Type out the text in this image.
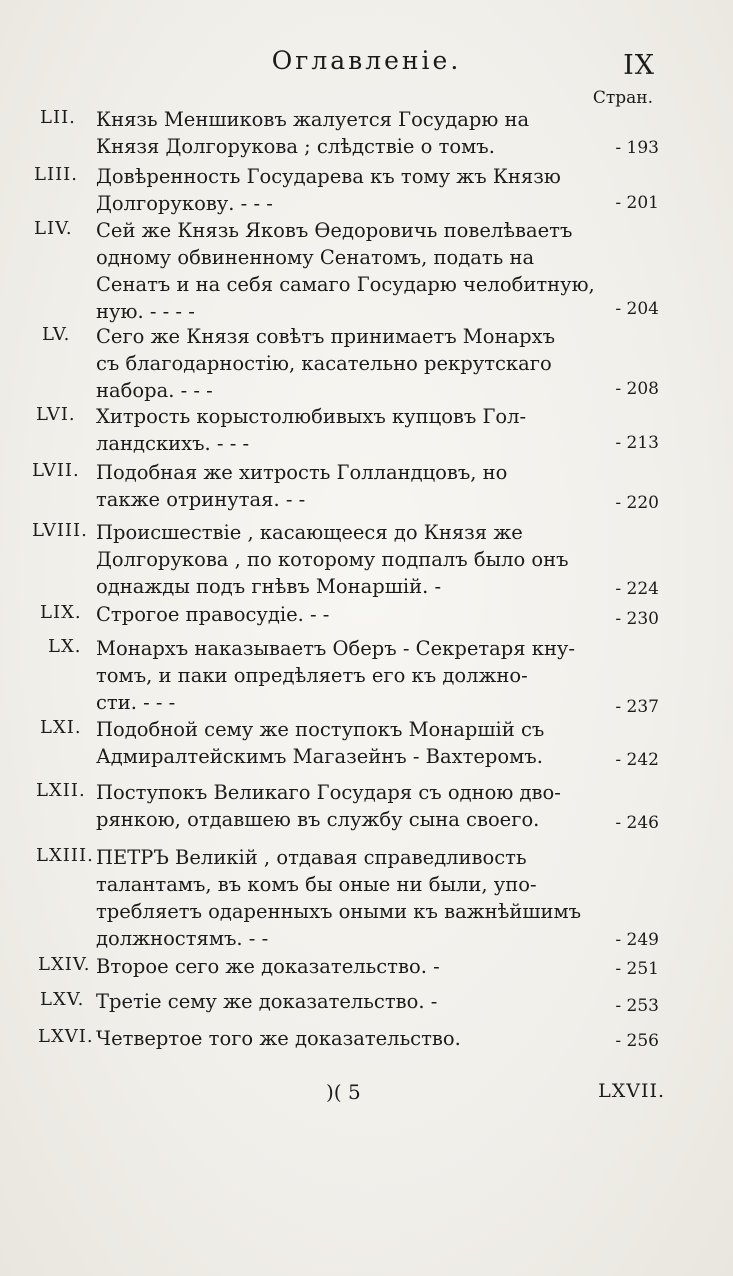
Оглавленіе.	IX
Стран.
LII. Князь Меншиковъ жалуется Государю на
Князя Долгорукова ; слѣдствіе о томъ.	- 193
LIII. Довѣренность Государева къ тому жъ Князю
Долгорукову. - - -	- 201
LIV. Сей же Князь Яковъ Ѳедоровичь повелѣваетъ
одному обвиненному Сенатомъ, подать на
Сенатъ и на себя самаго Государю челобитную,
ную. - - - -	- 204
LV. Сего же Князя совѣтъ принимаетъ Монархъ
съ благодарностію, касательно рекрутскаго
набора. - - -	- 208
LVI. Хитрость корыстолюбивыхъ купцовъ Гол-
ландскихъ. - - -	- 213
LVII. Подобная же хитрость Голландцовъ, но
также отринутая. - -	- 220
LVIII. Происшествіе , касающееся до Князя же
Долгорукова , по которому подпалъ было онъ
однажды подъ гнѣвъ Монаршій. -	- 224
LIX. Строгое правосудіе. - -	- 230
LX. Монархъ наказываетъ Оберъ - Секретаря кну-
томъ, и паки опредѣляетъ его къ должно-
сти. - - -	- 237
LXI. Подобной сему же поступокъ Монаршій съ
Адмиралтейскимъ Магазейнъ - Вахтеромъ.	- 242
LXII. Поступокъ Великаго Государя съ одною дво-
рянкою, отдавшею въ службу сына своего.	- 246
LXIII. ПЕТРЪ Великій , отдавая справедливость
талантамъ, въ комъ бы оные ни были, упо-
требляетъ одаренныхъ оными къ важнѣйшимъ
должностямъ. - -	- 249
LXIV. Второе сего же доказательство. -	- 251
LXV. Третіе сему же доказательство. -	- 253
LXVI. Четвертое того же доказательство.	- 256
)( 5	LXVII.
